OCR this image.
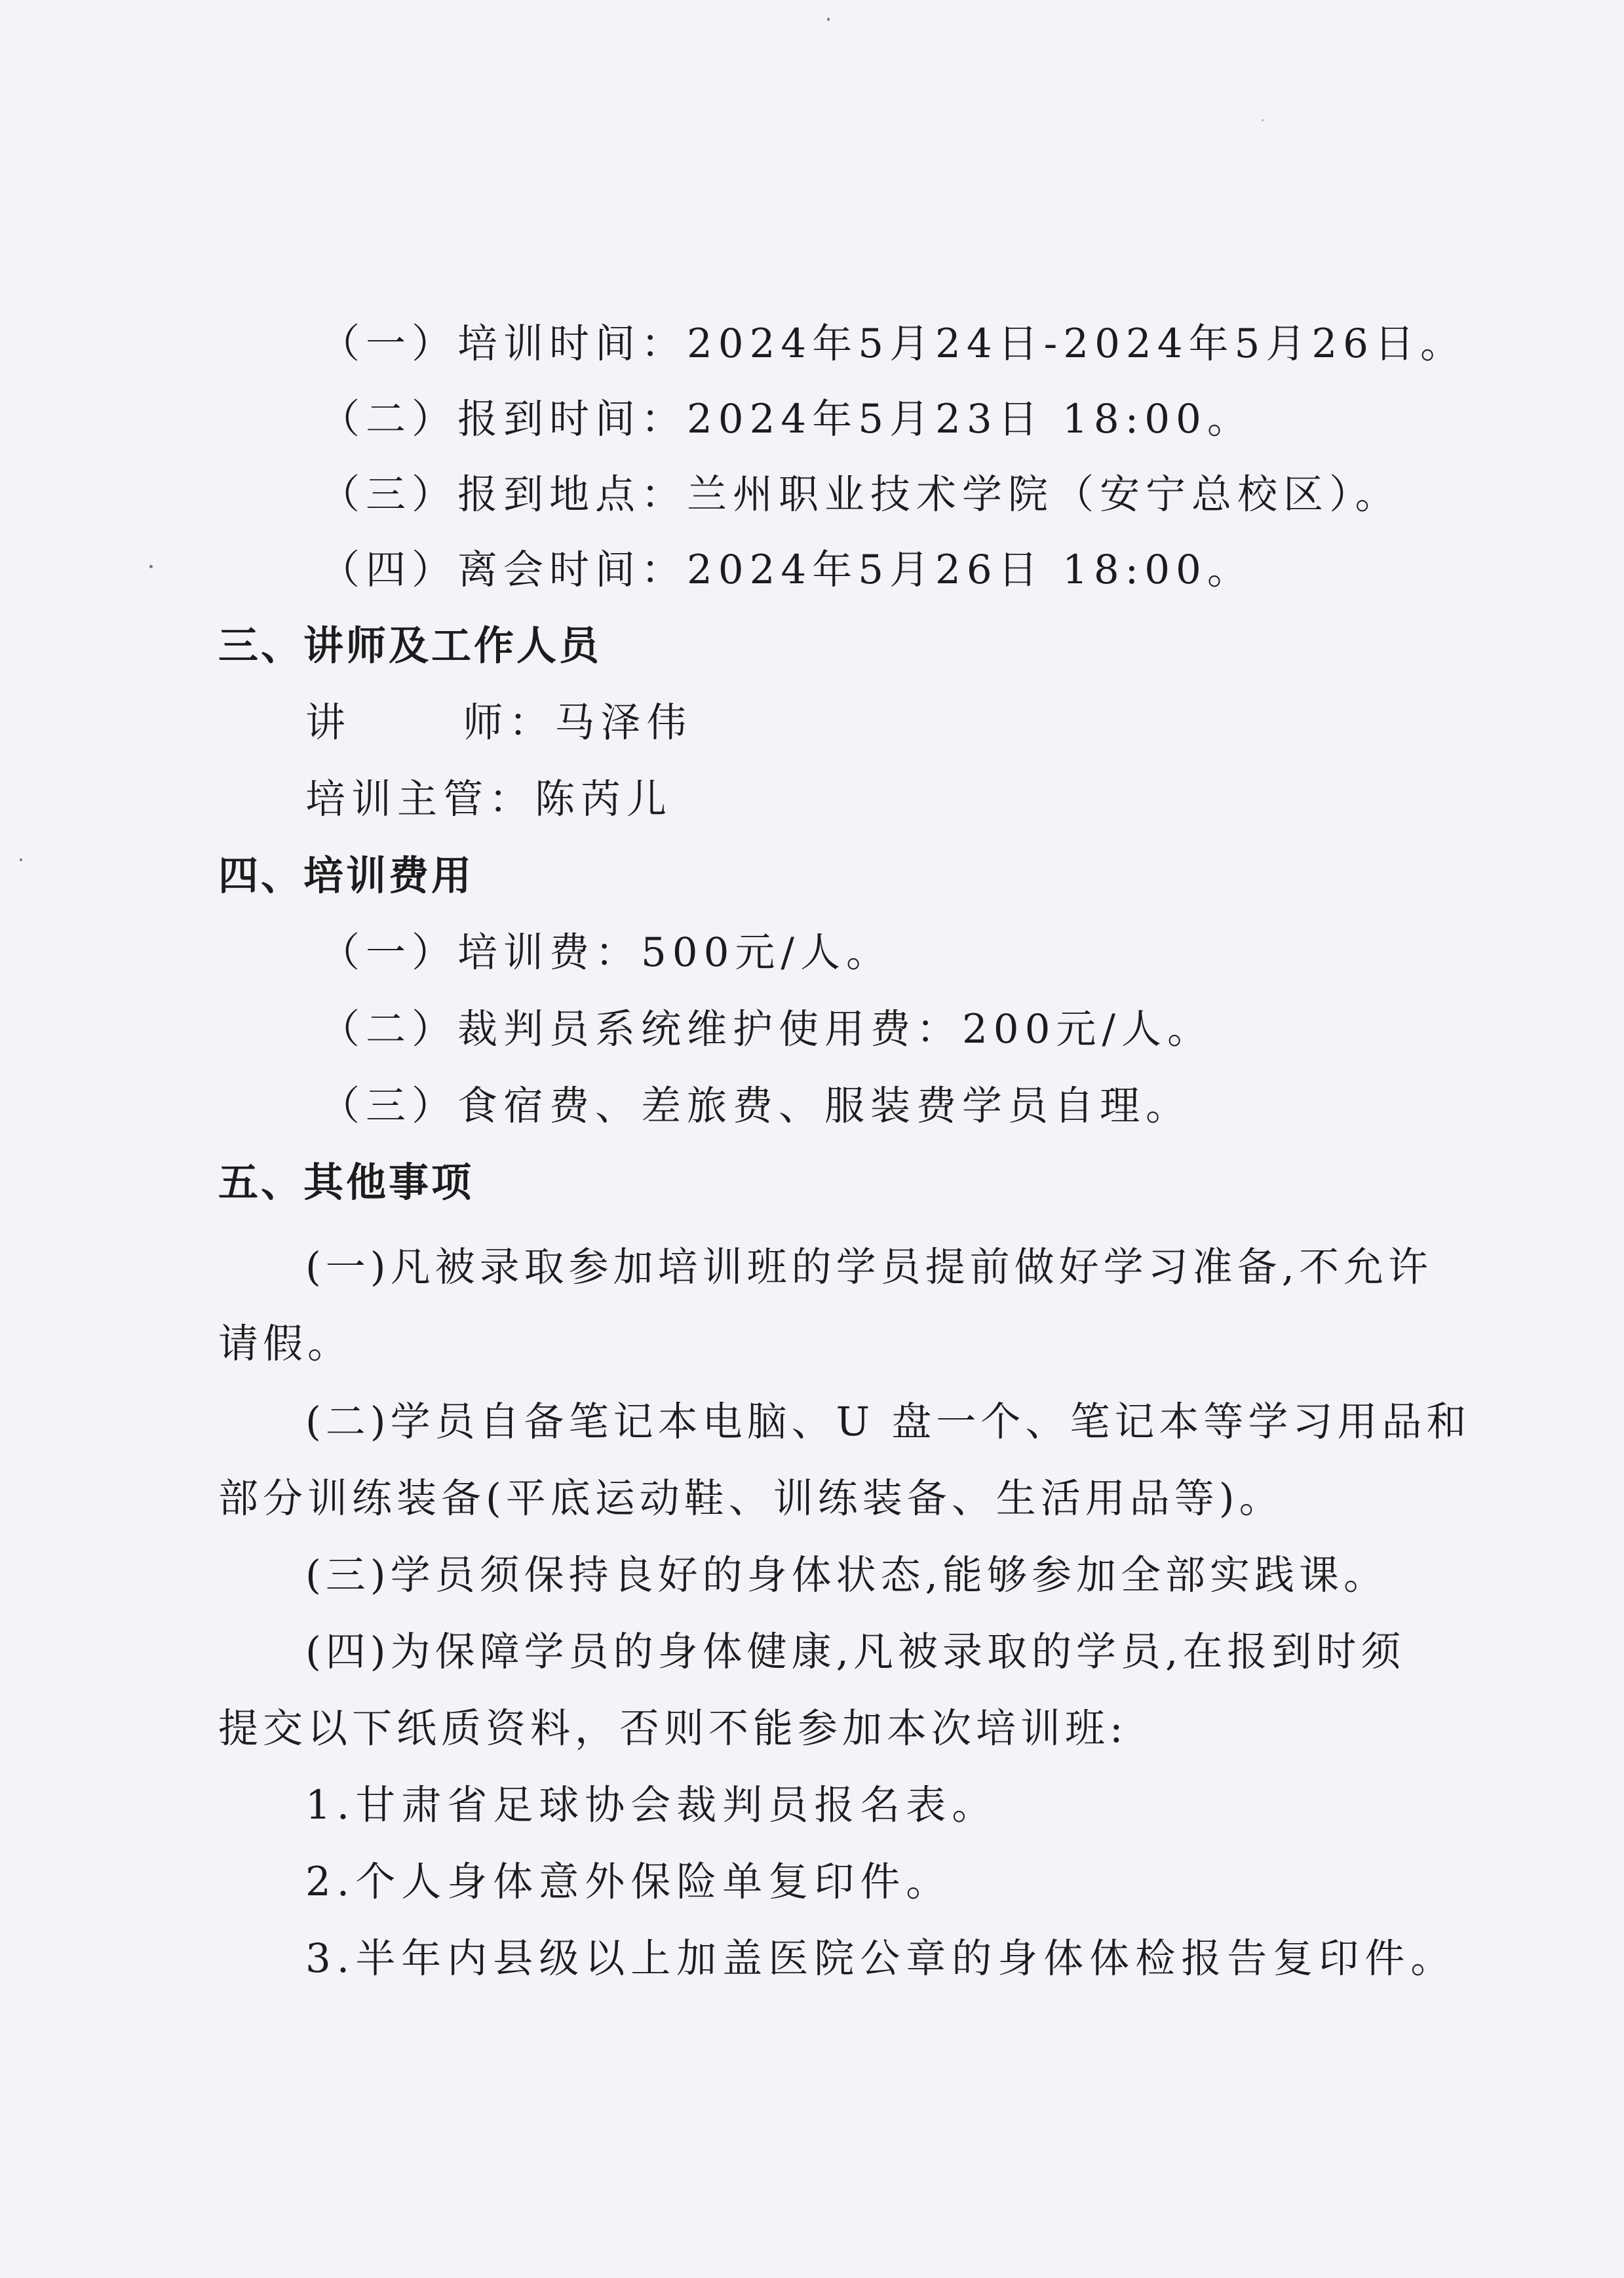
（一）培训时间：2024年5月24日-2024年5月26日。
（二）报到时间：2024年5月23日 18:00。
（三）报到地点：兰州职业技术学院（安宁总校区）。
（四）离会时间：2024年5月26日 18:00。
三、讲师及工作人员
讲      师：马泽伟
培训主管：陈芮儿
四、培训费用
（一）培训费：500元/人。
（二）裁判员系统维护使用费：200元/人。
（三）食宿费、差旅费、服装费学员自理。
五、其他事项
(一)凡被录取参加培训班的学员提前做好学习准备,不允许
请假。
(二)学员自备笔记本电脑、U 盘一个、笔记本等学习用品和
部分训练装备(平底运动鞋、训练装备、生活用品等)。
(三)学员须保持良好的身体状态,能够参加全部实践课。
(四)为保障学员的身体健康,凡被录取的学员,在报到时须
提交以下纸质资料，否则不能参加本次培训班:
1.甘肃省足球协会裁判员报名表。
2.个人身体意外保险单复印件。
3.半年内县级以上加盖医院公章的身体体检报告复印件。
